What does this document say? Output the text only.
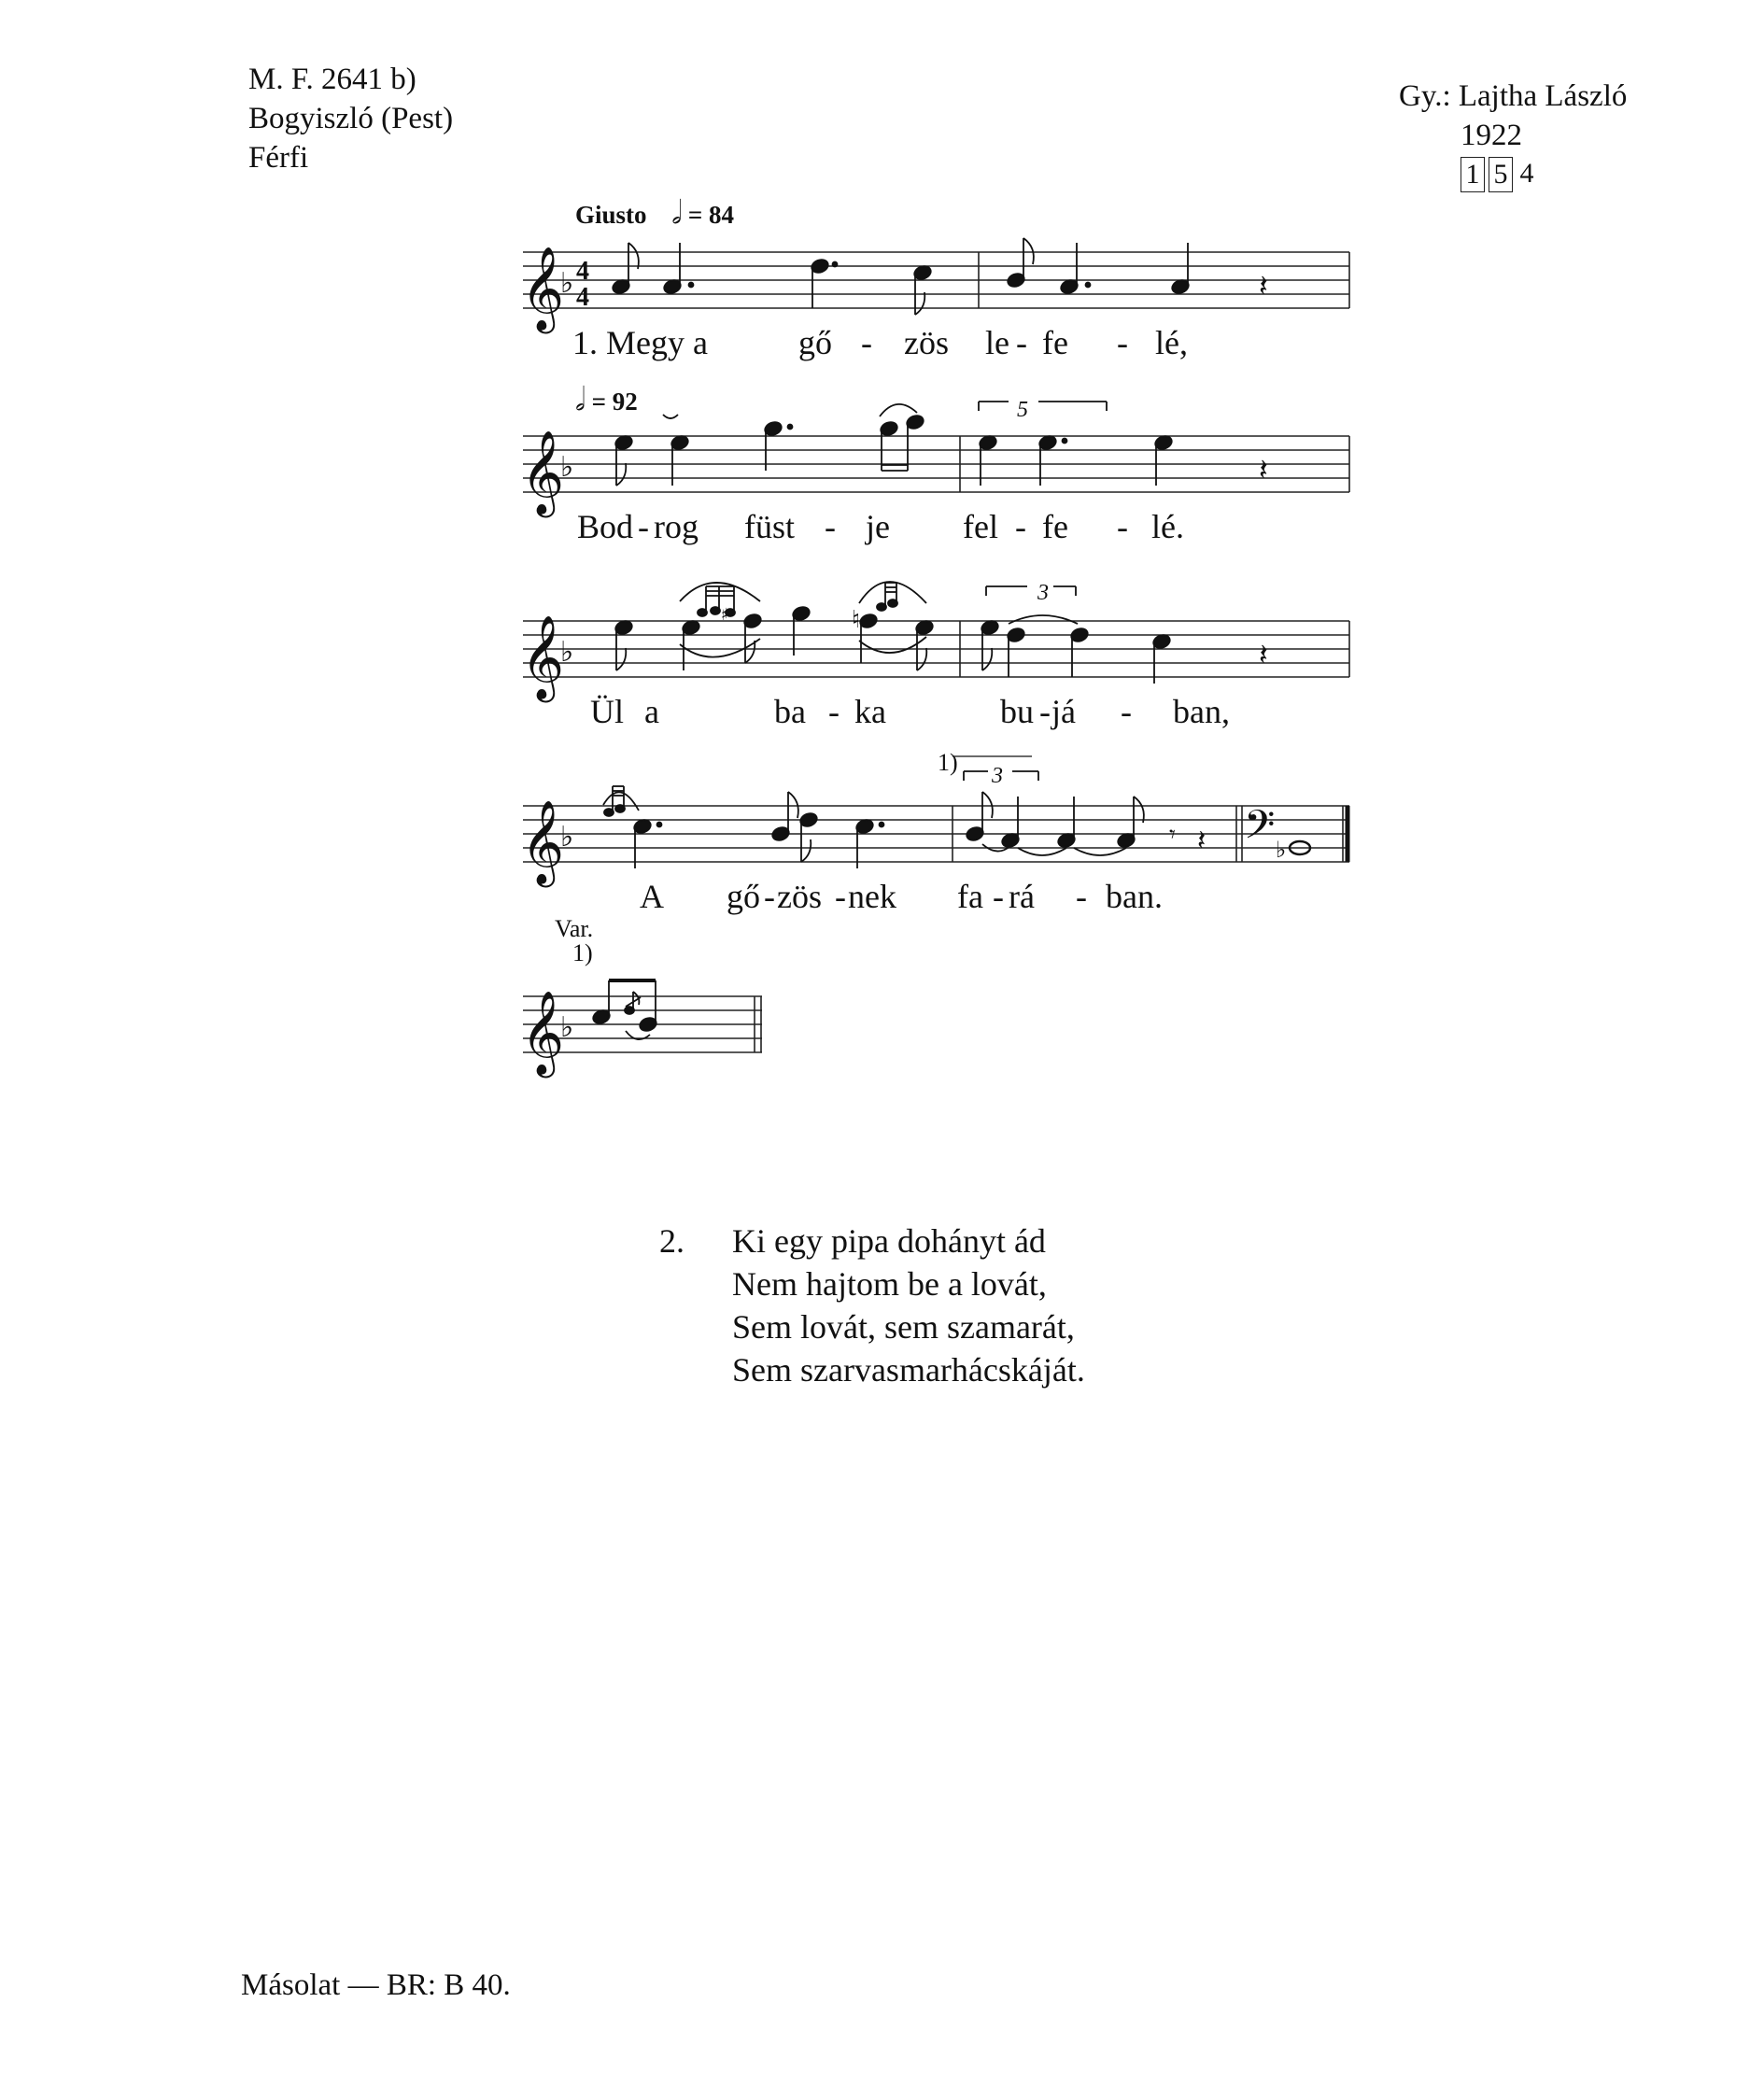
M. F. 2641 b)
Bogyiszló (Pest)
Férfi
Gy.: Lajtha László
1922
1 5 4
Giusto 𝅗𝅥 = 84
𝄞
♭ 4
4	𝄽
1. Megy a	gő - zös le - fe - lé,
𝅗𝅥 = 92	5
𝄞
♭	𝄽
Bod - rog füst - je fel - fe - lé.
3
𝄞
♭
♮
♯
𝄽
Ül a	ba - ka	bu - já - ban,
1) 3
𝄞
♭	𝄾 𝄽 𝄢 ♭
A gő - zös - nek fa - rá - ban.
Var.
1)
𝄞
♭
2. Ki egy pipa dohányt ád
Nem hajtom be a lovát,
Sem lovát, sem szamarát,
Sem szarvasmarhácskáját.
Másolat — BR: B 40.
